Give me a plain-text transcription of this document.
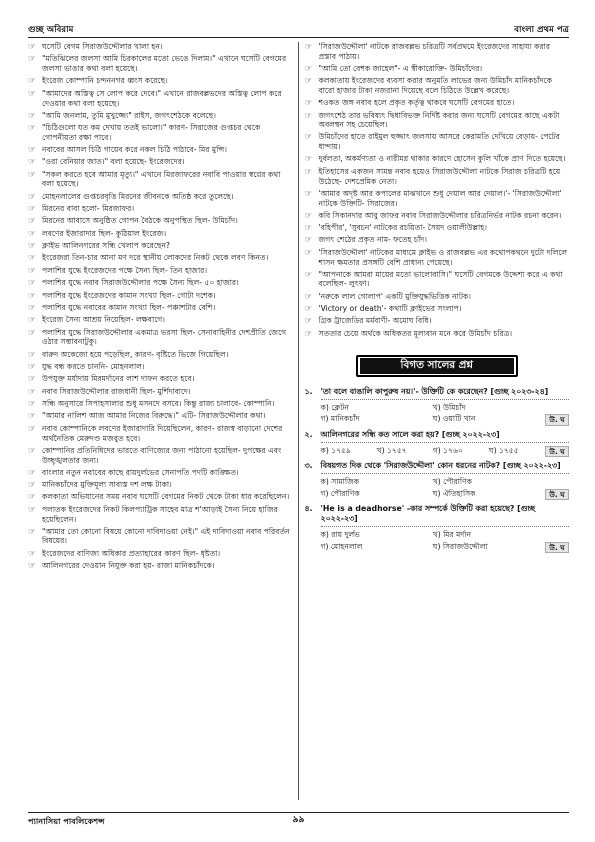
গুচ্ছ অবিরাম	বাংলা প্রথম পত্র
☞ ঘসেটি বেগম সিরাজউদ্দৌলার খালা হন।
☞ "মতিঝিলের জলসা আমি চিরকালের মতো ভেঙে দিলাম।" এখানে ঘসেটি বেগমের জলসা ভাঙার কথা বলা হয়েছে।
☞ ইংরেজ কোম্পানি চন্দননগর ধ্বংস করেছে।
☞ "আমাদের অস্তিত্ব সে লোপ করে দেবে।" এখানে রাজবল্লভদের অস্তিত্ব লোপ করে দেওয়ার কথা বলা হয়েছে।
☞ "আমি জনলাম, তুমি মুখুজ্জ্যে" রাইস, জগৎশেঠকে বলেছে।
☞ "চিঠিগুলো যত কম দেখায় ততই ভালো।" কারণ- সিরাজের গুপ্তচর থেকে গোপনীয়তা রক্ষা পাবে।
☞ নবাবের আসল চিঠি গায়েব করে নকল চিঠি পাঠাবে- মির মুন্সি।
☞ "ওরা বেনিয়ার জাত।" বলা হয়েছে- ইংরেজদের।
☞ "সকল করতে হবে আমার মৃত্যু।" এখানে মিরজাফরের নবাবি পাওয়ার স্বপ্নের কথা বলা হয়েছে।
☞ মোহনলালের গুপ্তচরবৃত্তি মিরনের জীবনকে অতিষ্ঠ করে তুলেছে।
☞ মিরনের বাবা হলো- মিরজাফর।
☞ মিরনের আবাসে অনুষ্ঠিত গোপন বৈঠকে অনুপস্থিত ছিল- উমিচাঁদ।
☞ লবণের ইজারাদার ছিল- কুঠিয়াল ইংরেজ।
☞ ক্লাইভ আলিনগরের সন্ধি খেলাপ করেছেন?
☞ ইংরেজরা তিন-চার আনা মণ দরে স্থানীয় লোকদের নিকট থেকে লবণ কিনত।
☞ পলাশির যুদ্ধে ইংরেজদের পক্ষে সৈন্য ছিল- তিন হাজার।
☞ পলাশির যুদ্ধে নবাব সিরাজউদ্দৌলার পক্ষে সৈন্য ছিল- ৫০ হাজার।
☞ পলাশির যুদ্ধে ইংরেজদের কামান সংখ্যা ছিল- গোটা দশেক।
☞ পলাশির যুদ্ধে নবাবের কামান সংখ্যা ছিল- পঞ্চাশটার বেশি।
☞ ইংরেজ সৈন্য আশ্রয় নিয়েছিল- লক্ষবাগে।
☞ পলাশির যুদ্ধে সিরাজউদ্দৌলার একমাত্র ভরসা ছিল- সেনাবাহিনীর দেশপ্রীতি জেগে ওঠার সম্ভাবনাটুকু।
☞ বারুদ অকেজো হয়ে পড়েছিল, কারণ- বৃষ্টিতে ভিজে গিয়েছিল।
☞ যুদ্ধ বন্ধ করতে চাননি- মোহনলাল।
☞ উপযুক্ত মর্যাদায় মিরমর্দানের লাশ দাফন করতে হবে।
☞ নবাব সিরাজউদ্দৌলার রাজধানী ছিল- মুর্শিদাবাদে।
☞ সন্ধি অনুসারে সিপাহসালার শুধু মসনদে বসবে। কিন্তু রাজ্য চালাবে- কোম্পানি।
☞ "আমার নালিশ আজ আমার নিজের বিরুদ্ধে।" এটি- সিরাজউদ্দৌলার কথা।
☞ নবাব কোম্পানিকে লবণের ইজারাদারি দিয়েছিলেন, কারণ- রাজস্ব বাড়ানো দেশের অর্থনৈতিক মেরুদণ্ড মজবুত হবে।
☞ কোম্পানির প্রতিনিধিদের ভারতে বাণিজ্যের জন্য পাঠানো হয়েছিল- দুপক্ষের এবং উচ্ছৃঙ্খলতার জন্য।
☞ বাংলার নতুন নবাবের কাছে রায়দুর্লভের সেনাপতি পদটি কাঙ্ক্ষিত।
☞ মানিকচাঁদের মুক্তিমূল্য সাব্যস্ত দশ লক্ষ টাকা।
☞ কলকাতা অভিযানের সময় নবাব ঘসেটি বেগমের নিকট থেকে টাকা ধার করেছিলেন।
☞ পলাতক ইংরেজদের নিকট কিলপ্যাট্রিক সাহেব মাত্র শ'আড়াই সৈন্য নিয়ে হাজির হয়েছিলেন।
☞ "আমার তো কোনো বিষয়ে কোনো দাবিদাওয়া নেই।" এই দাবিদাওয়া নবাব পরিবর্তন বিষয়ের।
☞ ইংরেজদের বাণিজ্য অধিকার প্রত্যাহারের কারণ ছিল- ধৃষ্টতা।
☞ আলিনগরের দেওয়ান নিযুক্ত করা হয়- রাজা মানিকচাঁদকে।
☞ 'সিরাজউদ্দৌলা' নাটকে রাজবল্লভ চরিত্রটি সর্বপ্রথমে ইংরেজদের সাহায্য করার প্রস্তাব পাঠায়।
☞ "আমি তো বেশক জাহেল"- এ স্বীকারোক্তি- উমিচাঁদের।
☞ কলকাতায় ইংরেজদের ব্যবসা করার অনুমতি লাভের জন্য উমিচাঁদ মানিকচাঁদকে বারো হাজার টাকা নজরানা দিয়েছে বলে চিঠিতে উল্লেখ করেছে।
☞ শওকত জঙ্গ নবাব হলে প্রকৃত কর্তৃত্ব থাকবে ঘসেটি বেগমের হাতে।
☞ জগৎশেঠ তার ভবিষ্যৎ দ্বিধাবিভক্ত নির্দিষ্ট করার জন্য ঘসেটি বেগমের কাছে একটা অবলম্বন সহ চেয়েছিল।
☞ উমিচাঁদের হাতে রাইমুল হুজ্জাৎ জলসায় আসরে কেরামতি দেখিয়ে বেড়ায়- পেটের ধান্দায়।
☞ দুর্বলতা, অকর্মণ্যতা ও নারীমগ্ন থাকার কারণে হোসেন কুলি খাঁকে প্রাণ দিতে হয়েছে।
☞ ইতিহাসের একজন সামন্ত নবাব হয়েও সিরাজউদ্দৌলা নাটকে সিরাজ চরিত্রটি হয়ে উঠেছে- দেশপ্রেমিক নেতা।
☞ 'আমার অদৃষ্ট আর কপালের মাঝখানে শুধু দেয়াল আর দেয়াল।'- 'সিরাজউদ্দৌলা' নাটকে উক্তিটি- সিরাজের।
☞ কবি সিকানদার আবু জাফর নবাব সিরাজউদ্দৌলার চরিত্রনির্ভর নাটক রচনা করেন।
☞ 'বহিপীর', 'সুবচন' নাটকের রচয়িতা- সৈয়দ ওয়ালীউল্লাহ।
☞ জগৎ শেঠের প্রকৃত নাম- ফতেহ চাঁদ।
☞ 'সিরাজউদ্দৌলা' নাটকের মাধ্যমে ক্লাইভ ও রাজবল্লভ এর কথোপকথনে দুটো দলিলে শাসন ক্ষমতার প্রসঙ্গটি বেশি প্রাধান্য পেয়েছে।
☞ "আপনাকে আমরা মায়ের মতো ভালোবাসি।" ঘসেটি বেগমকে উদ্দেশ্য করে এ কথা বলেছিল- লুৎফা।
☞ 'নরুকে লাল গোলাপ' একটি মুক্তিযুদ্ধভিত্তিক নাটক।
☞ 'Victory or death'- কথাটি ক্লাইভের সংলাপ।
☞ গ্রিক ট্রাজেডির মর্মবাণী- অমোঘ বিধি।
☞ সততার চেয়ে অর্থকে অধিকতর মূল্যবান মনে করে উমিচাঁদ চরিত্র।
বিগত সালের প্রশ্ন
১.	'তা বলে বাঙালি কাপুরুষ নয়।'- উক্তিটি কে করেছেন? [গুচ্ছ ২০২৩-২৪]
ক) ক্লেটন	খ) উমিচাঁদ
গ) মানিকচাঁদ	ঘ) ওয়াটি খান	উ. ঘ
২.	আলিনগরের সন্ধি কত সালে করা হয়? [গুচ্ছ ২০২২-২৩]
ক) ১৭৫৯	খ) ১৭৫৭	গ) ১৭৬০	ঘ) ১৭৫৫	উ. ঘ
৩.	বিষয়গত দিক থেকে 'সিরাজউদ্দৌলা' কোন ধরনের নাটক? [গুচ্ছ ২০২২-২৩]
ক) সামাজিক	খ) পৌরাণিক
গ) পৌরাণিক	ঘ) ঐতিহাসিক	উ. ঘ
৪.	'He is a deadhorse' -কার সম্পর্কে উক্তিটি করা হয়েছে? [গুচ্ছ ২০২২-২৩]
ক) রায় দুর্লভ	খ) মির মর্দান
গ) মোহনলাল	ঘ) সিরাজউদ্দৌলা	উ. ঘ
প্যানাসিয়া পাবলিকেশন্স	৯৯
